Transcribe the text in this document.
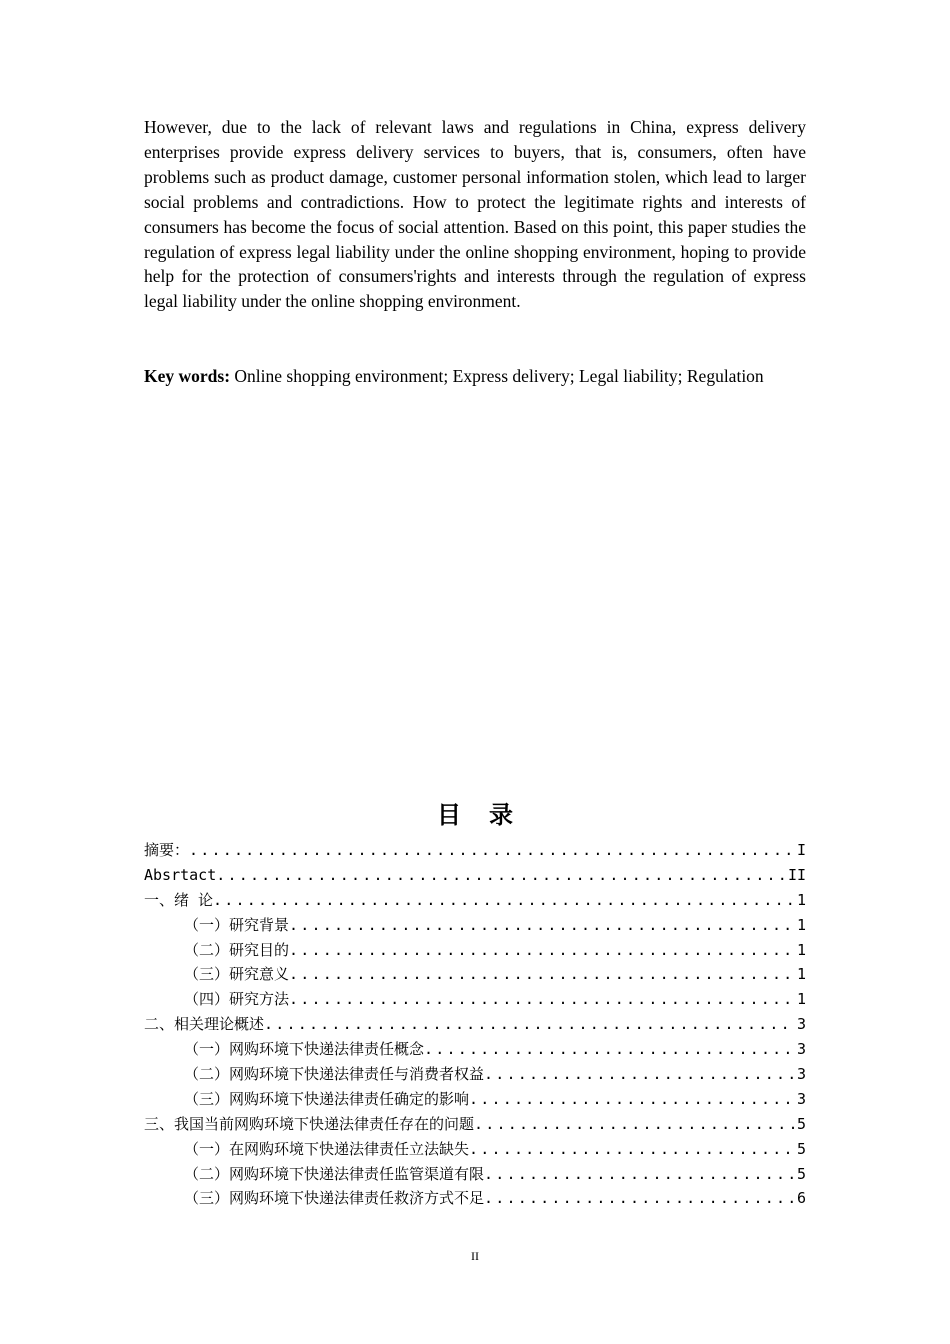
However, due to the lack of relevant laws and regulations in China, express delivery enterprises provide express delivery services to buyers, that is, consumers, often have problems such as product damage, customer personal information stolen, which lead to larger social problems and contradictions. How to protect the legitimate rights and interests of consumers has become the focus of social attention. Based on this point, this paper studies the regulation of express legal liability under the online shopping environment, hoping to provide help for the protection of consumers'rights and interests through the regulation of express legal liability under the online shopping environment.

Key words: Online shopping environment; Express delivery; Legal liability; Regulation

目录
摘要： .....	I
Absrtact .....	II
一、绪 论 .....	1
（一）研究背景 .....	1
（二）研究目的 .....	1
（三）研究意义 .....	1
（四）研究方法 .....	1
二、相关理论概述 .....	3
（一）网购环境下快递法律责任概念 .....	3
（二）网购环境下快递法律责任与消费者权益 .....	3
（三）网购环境下快递法律责任确定的影响 .....	3
三、我国当前网购环境下快递法律责任存在的问题 .....	5
（一）在网购环境下快递法律责任立法缺失 .....	5
（二）网购环境下快递法律责任监管渠道有限 .....	5
（三）网购环境下快递法律责任救济方式不足 .....	6

II
